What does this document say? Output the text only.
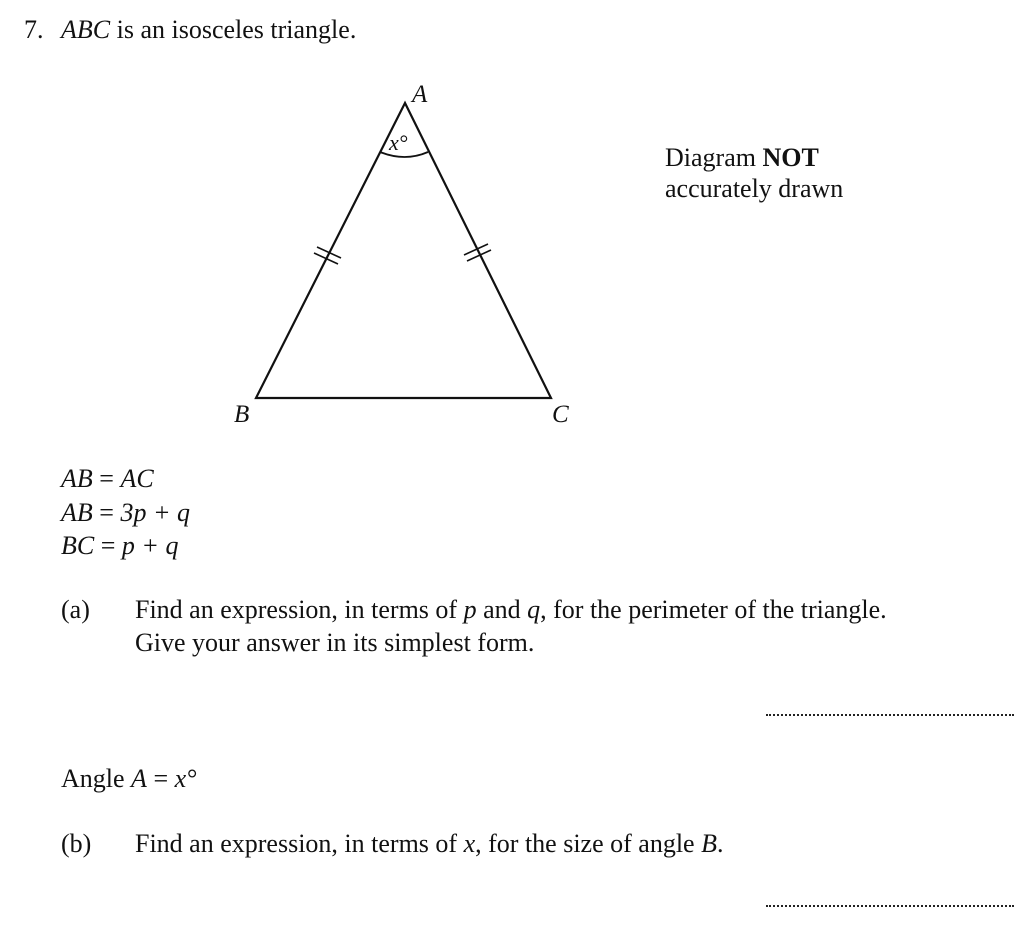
7. ABC is an isosceles triangle.
A
B	C
x°
Diagram NOT
accurately drawn
AB = AC
AB = 3p + q
BC = p + q
(a) Find an expression, in terms of p and q, for the perimeter of the triangle.
Give your answer in its simplest form.
Angle A = x°
(b) Find an expression, in terms of x, for the size of angle B.
